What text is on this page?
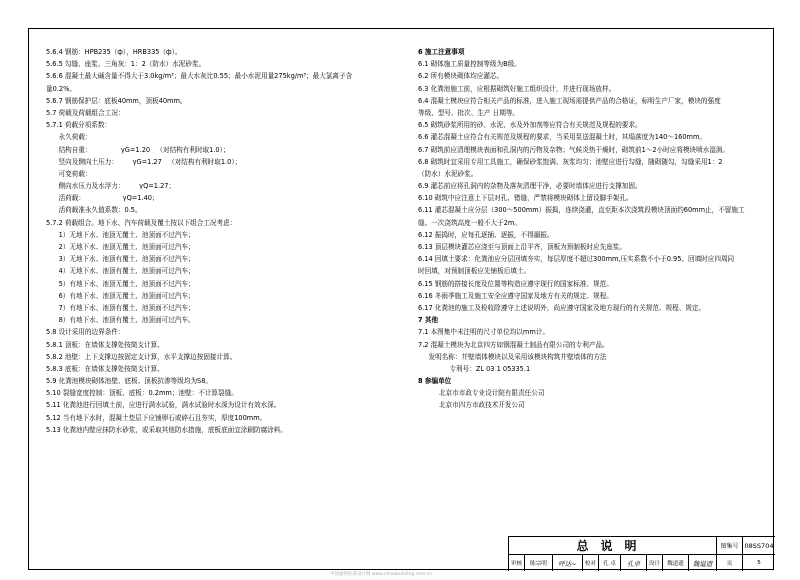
5.6.4 钢筋：HPB235（ф），HRB335（ф）。
5.6.5 勾缝、座浆、三角灰：1：2（防水）水泥砂浆。
5.6.6 混凝土最大碱含量不得大于3.0kg/m³；最大水灰比0.55；最小水泥用量275kg/m³；最大氯离子含
量0.2%。
5.6.7 钢筋保护层：底板40mm，顶板40mm。
5.7 荷载及荷载组合工况：
5.7.1 荷载分项系数：
永久荷载：
结构自重：              γG=1.20   （对结构有利时取1.0）；
竖向及侧向土压力：       γG=1.27   （对结构有利时取1.0）；
可变荷载：
侧向水压力及水浮力：       γQ=1.27；
活荷载：                  γQ=1.40；
活荷载准永久值系数：0.5。
5.7.2 荷载组合。地下水、汽车荷载及覆土按以下组合工况考虑：
1）无地下水、池顶无覆土、池顶面不过汽车；
2）无地下水、池顶无覆土、池顶面可过汽车；
3）无地下水、池顶有覆土、池顶面不过汽车；
4）无地下水、池顶有覆土、池顶面可过汽车；
5）有地下水、池顶无覆土、池顶面不过汽车；
6）有地下水、池顶无覆土、池顶面可过汽车；
7）有地下水、池顶有覆土、池顶面不过汽车；
8）有地下水、池顶有覆土、池顶面可过汽车。
5.8 设计采用的边界条件：
5.8.1 顶板：在墙体支撑处按简支计算。
5.8.2 池壁：上下支撑边按固定支计算，水平支撑边按固接计算。
5.8.3 底板：在墙体支撑处按简支计算。
5.9 化粪池模块砌体池壁、底板、顶板抗渗等级均为S8。
5.10 裂缝宽度控制：顶板、底板：0.2mm；池壁：不计算裂缝。
5.11 化粪池进行回填土前，应进行满水试验，满水试验时水深为设计有效水深。
5.12 当有地下水时，混凝土垫层下应铺卵石或碎石且夯实，厚度100mm。
5.13 化粪池内壁应抹防水砂浆，或采取其他防水措施，底板底面宜涂刷防腐涂料。
6 施工注意事项
6.1 砌体施工质量控制等级为B级。
6.2 所有模块砌体均应灌芯。
6.3 化粪池施工前，应根据砌筑好施工组织设计，并进行现场放样。
6.4 混凝土模块应符合相关产品的标准，进入施工现场需提供产品的合格证，标明生产厂家，模块的强度
等级、型号、批次、生产 日期等。
6.5 砌筑砂浆所用的砂、水泥、水及外加剂等应符合有关规范及规程的要求。
6.6 灌芯混凝土应符合有关规范及规程的要求，当采用泵送混凝土时，其塌落度为140～160mm。
6.7 砌筑前应清理模块表面和孔洞内的污物及杂物；气候炎热干燥时，砌筑前1～2小时应将模块喷水湿润。
6.8 砌筑时宜采用专用工具施工，确保砂浆饱满、灰浆均匀；池壁应进行勾缝，随砌随勾，勾缝采用1：2
（防水）水泥砂浆。
6.9 灌芯前应将孔洞内的杂物及落灰清理干净，必要时墙体应进行支撑加固。
6.10 砌筑中应注意上下层对孔、错缝，严禁将模块砌体上留设脚手架孔。
6.11 灌芯混凝土应分层（300～500mm）振捣，连续浇灌，直至距本次浇筑段模块顶面约60mm止，不留施工
缝。一次浇筑高度一般不大于2m。
6.12 振捣时，应每孔逐插、逐振，不得漏振。
6.13 顶层模块灌芯应浇至与顶面上沿平齐，顶板为预制板时应先座浆。
6.14 回填土要求：化粪池应分层回填夯实，每层厚度不超过300mm,压实系数不小于0.95。回填时应四周同
时回填，对预制顶板应先铺板后填土。
6.15 钢筋的搭接长度及位置等构造应遵守现行的国家标准、规范。
6.16 冬雨季施工及施工安全应遵守国家及地方有关的规定、规程。
6.17 化粪池的施工及检收除遵守上述说明外，尚应遵守国家及地方现行的有关规范、规程、规定。
7 其他
7.1 本图集中未注明的尺寸单位均以mm计。
7.2 混凝土模块为北京四方如钢混凝土制品有限公司的专利产品。
发明名称：井壁墙体模块以及采用该模块构筑井壁墙体的方法
专利号：ZL 03 1 05335.1
8 参编单位
北京市市政专业设计院有限责任公司
北京市四方市政技术开发公司
总说明	图集号 08SS704
审核	陈宗明	呼达~	校对	孔 卓	孔卓	设计	魏道遗	魏道遗	页	5
中国建筑标准设计网 www.chinabuilding.com.cn
